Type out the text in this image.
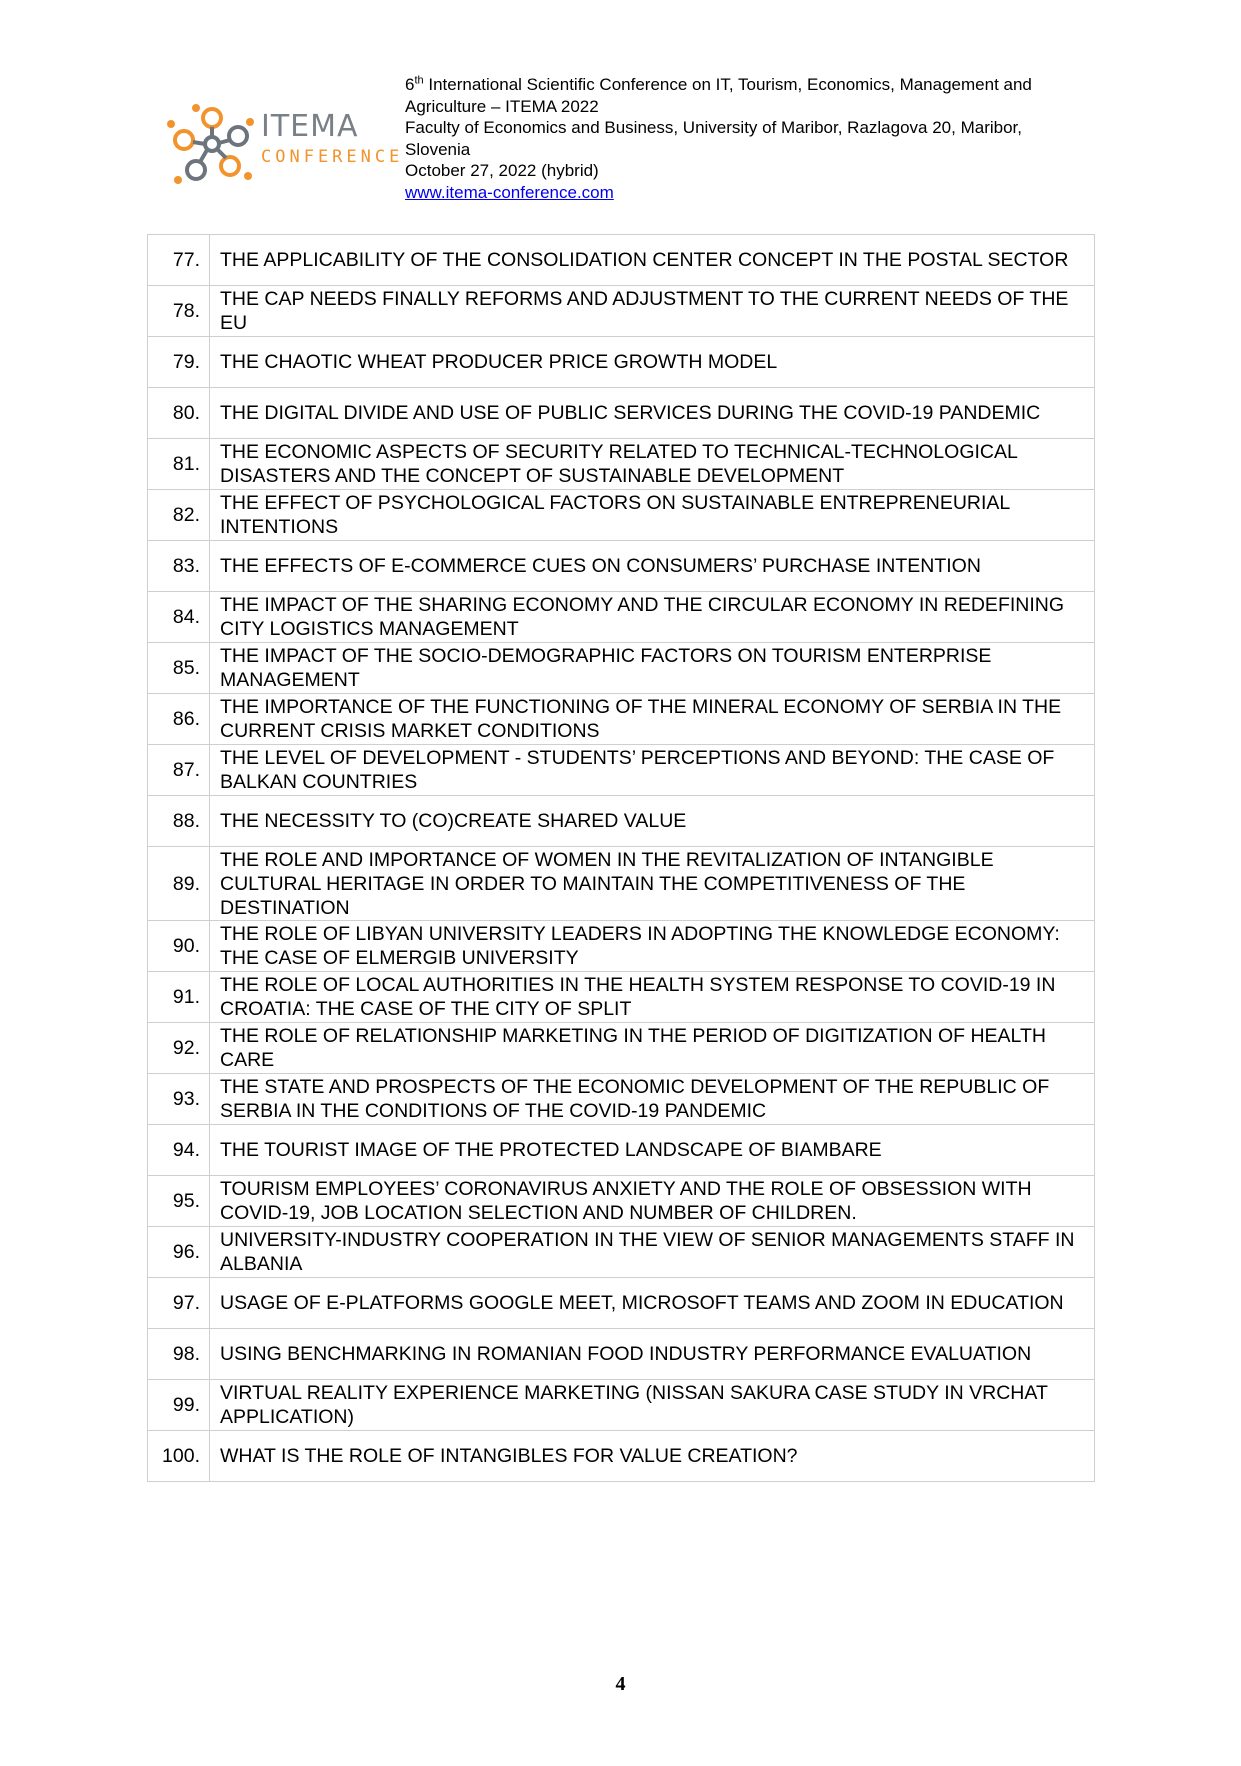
ITEMA
CONFERENCE
6th International Scientific Conference on IT, Tourism, Economics, Management and
Agriculture – ITEMA 2022
Faculty of Economics and Business, University of Maribor, Razlagova 20, Maribor,
Slovenia
October 27, 2022 (hybrid)
www.itema-conference.com
77.	THE APPLICABILITY OF THE CONSOLIDATION CENTER CONCEPT IN THE POSTAL SECTOR
78.	THE CAP NEEDS FINALLY REFORMS AND ADJUSTMENT TO THE CURRENT NEEDS OF THE EU
79.	THE CHAOTIC WHEAT PRODUCER PRICE GROWTH MODEL
80.	THE DIGITAL DIVIDE AND USE OF PUBLIC SERVICES DURING THE COVID-19 PANDEMIC
81.	THE ECONOMIC ASPECTS OF SECURITY RELATED TO TECHNICAL-TECHNOLOGICAL DISASTERS AND THE CONCEPT OF SUSTAINABLE DEVELOPMENT
82.	THE EFFECT OF PSYCHOLOGICAL FACTORS ON SUSTAINABLE ENTREPRENEURIAL INTENTIONS
83.	THE EFFECTS OF E-COMMERCE CUES ON CONSUMERS’ PURCHASE INTENTION
84.	THE IMPACT OF THE SHARING ECONOMY AND THE CIRCULAR ECONOMY IN REDEFINING CITY LOGISTICS MANAGEMENT
85.	THE IMPACT OF THE SOCIO-DEMOGRAPHIC FACTORS ON TOURISM ENTERPRISE MANAGEMENT
86.	THE IMPORTANCE OF THE FUNCTIONING OF THE MINERAL ECONOMY OF SERBIA IN THE CURRENT CRISIS MARKET CONDITIONS
87.	THE LEVEL OF DEVELOPMENT - STUDENTS’ PERCEPTIONS AND BEYOND: THE CASE OF BALKAN COUNTRIES
88.	THE NECESSITY TO (CO)CREATE SHARED VALUE
89.	THE ROLE AND IMPORTANCE OF WOMEN IN THE REVITALIZATION OF INTANGIBLE CULTURAL HERITAGE IN ORDER TO MAINTAIN THE COMPETITIVENESS OF THE DESTINATION
90.	THE ROLE OF LIBYAN UNIVERSITY LEADERS IN ADOPTING THE KNOWLEDGE ECONOMY: THE CASE OF ELMERGIB UNIVERSITY
91.	THE ROLE OF LOCAL AUTHORITIES IN THE HEALTH SYSTEM RESPONSE TO COVID-19 IN CROATIA: THE CASE OF THE CITY OF SPLIT
92.	THE ROLE OF RELATIONSHIP MARKETING IN THE PERIOD OF DIGITIZATION OF HEALTH CARE
93.	THE STATE AND PROSPECTS OF THE ECONOMIC DEVELOPMENT OF THE REPUBLIC OF SERBIA IN THE CONDITIONS OF THE COVID-19 PANDEMIC
94.	THE TOURIST IMAGE OF THE PROTECTED LANDSCAPE OF BIAMBARE
95.	TOURISM EMPLOYEES’ CORONAVIRUS ANXIETY AND THE ROLE OF OBSESSION WITH COVID-19, JOB LOCATION SELECTION AND NUMBER OF CHILDREN.
96.	UNIVERSITY-INDUSTRY COOPERATION IN THE VIEW OF SENIOR MANAGEMENTS STAFF IN ALBANIA
97.	USAGE OF E-PLATFORMS GOOGLE MEET, MICROSOFT TEAMS AND ZOOM IN EDUCATION
98.	USING BENCHMARKING IN ROMANIAN FOOD INDUSTRY PERFORMANCE EVALUATION
99.	VIRTUAL REALITY EXPERIENCE MARKETING (NISSAN SAKURA CASE STUDY IN VRCHAT APPLICATION)
100.	WHAT IS THE ROLE OF INTANGIBLES FOR VALUE CREATION?
4
